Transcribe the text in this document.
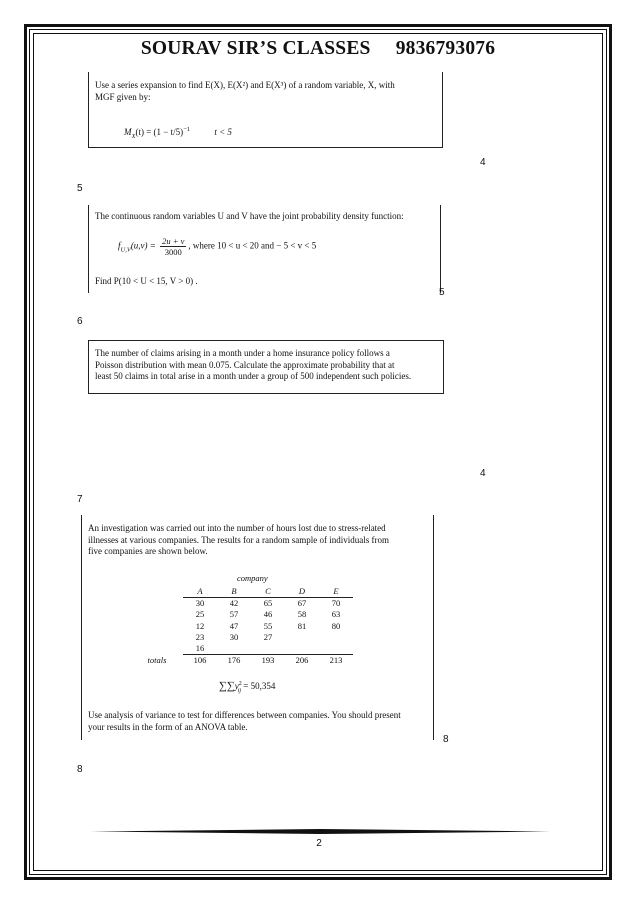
SOURAV SIR’S CLASSES 9836793076
Use a series expansion to find E(X), E(X²) and E(X³) of a random variable, X, with
MGF given by:
$M_X(t) = (1 - t/5)^{-1}$	t < 5
4
5
The continuous random variables U and V have the joint probability density function:
$f_{U,V}(u,v) = \frac{2u + v}{3000}$ , where 10 < u < 20 and − 5 < v < 5
Find P(10 < U < 15, V > 0) .
5
6
The number of claims arising in a month under a home insurance policy follows a
Poisson distribution with mean 0.075. Calculate the approximate probability that at
least 50 claims in total arise in a month under a group of 500 independent such policies.
4
7
An investigation was carried out into the number of hours lost due to stress-related
illnesses at various companies. The results for a random sample of individuals from
five companies are shown below.
company
$\sum\sum y^2_{ij} = 50,354$
Use analysis of variance to test for differences between companies. You should present
your results in the form of an ANOVA table.
	A	B	C	D	E
	30	42	65	67	70
	25	57	46	58	63
	12	47	55	81	80
	23	30	27		
	16				
totals	106	176	193	206	213
8
8
2
